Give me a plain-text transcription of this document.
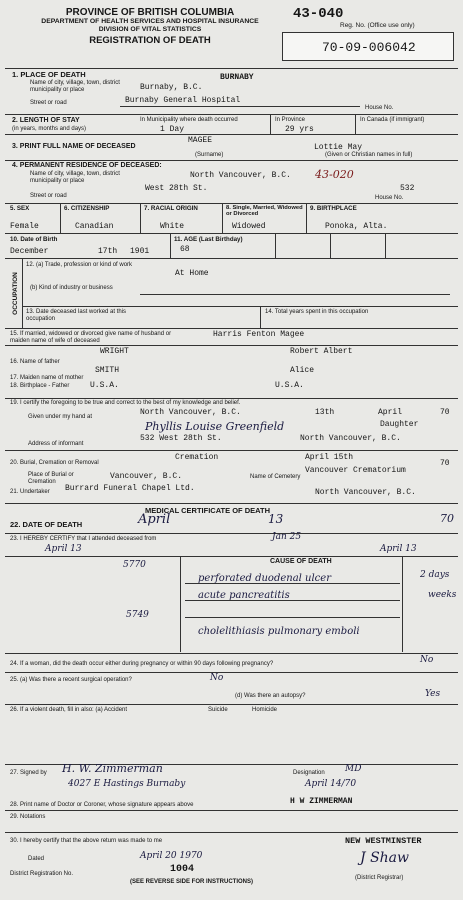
43-040
Reg. No. (Office use only)
70-09-006042
PROVINCE OF BRITISH COLUMBIA
DEPARTMENT OF HEALTH SERVICES AND HOSPITAL INSURANCE
DIVISION OF VITAL STATISTICS
REGISTRATION OF DEATH
1. PLACE OF DEATH
Name of city, village, town, district municipality or place	Burnaby, B.C.
BURNABY
Street or road	Burnaby General Hospital
House No.
2. LENGTH OF STAY
(in years, months and days)
In Municipality where death occurred
1 Day
In Province
29 yrs
In Canada (if immigrant)
3. PRINT FULL NAME OF DECEASED
MAGEE
Lottie May
(Surname)	(Given or Christian names in full)
4. PERMANENT RESIDENCE OF DECEASED:
Name of city, village, town, district municipality or place
North Vancouver, B.C. 43-020
Street or road
West 28th St.	532
House No.
5. SEX
Female
6. CITIZENSHIP
Canadian
7. RACIAL ORIGIN
White
8. Single, Married, Widowed or Divorced
Widowed
9. BIRTHPLACE
Ponoka, Alta.
10. Date of Birth
December	17th 1901
11. AGE (Last Birthday)
68
OCCUPATION
12. (a) Trade, profession or kind of work
At Home
(b) Kind of industry or business
13. Date deceased last worked at this occupation
14. Total years spent in this occupation
15. If married, widowed or divorced give name of husband or maiden name of wife of deceased
Harris Fenton Magee
WRIGHT	Robert Albert
16. Name of father
SMITH	Alice
17. Maiden name of mother
18. Birthplace - Father	U.S.A.	U.S.A.
19. I certify the foregoing to be true and correct to the best of my knowledge and belief.
Given under my hand at	North Vancouver, B.C.	13th	April	70
Phyllis Louise Greenfield	Daughter
Address of informant
532 West 28th St.	North Vancouver, B.C.
20. Burial, Cremation or Removal
Cremation	April 15th
70
Place of Burial or Cremation
Vancouver, B.C.	Name of Cemetery
Vancouver Crematorium
21. Undertaker Burrard Funeral Chapel Ltd.	North Vancouver, B.C.
MEDICAL CERTIFICATE OF DEATH
22. DATE OF DEATH	April	13	70
23. I HEREBY CERTIFY that I attended deceased from	Jan 25
April 13	April 13
CAUSE OF DEATH
5770
perforated duodenal ulcer	2 days
acute pancreatitis	weeks
5749
cholelithiasis pulmonary emboli
24. If a woman, did the death occur either during pregnancy or within 90 days following pregnancy?	No
25. (a) Was there a recent surgical operation?	No
(d) Was there an autopsy?	Yes
26. If a violent death, fill in also: (a) Accident	Suicide	Homicide
27. Signed by H. W. Zimmerman	Designation MD
4027 E Hastings Burnaby	April 14/70
28. Print name of Doctor or Coroner, whose signature appears above	H W ZIMMERMAN
29. Notations
30. I hereby certify that the above return was made to me	NEW WESTMINSTER
Dated	April 20 1970	J Shaw
District Registration No.	1004
(SEE REVERSE SIDE FOR INSTRUCTIONS)
(District Registrar)
